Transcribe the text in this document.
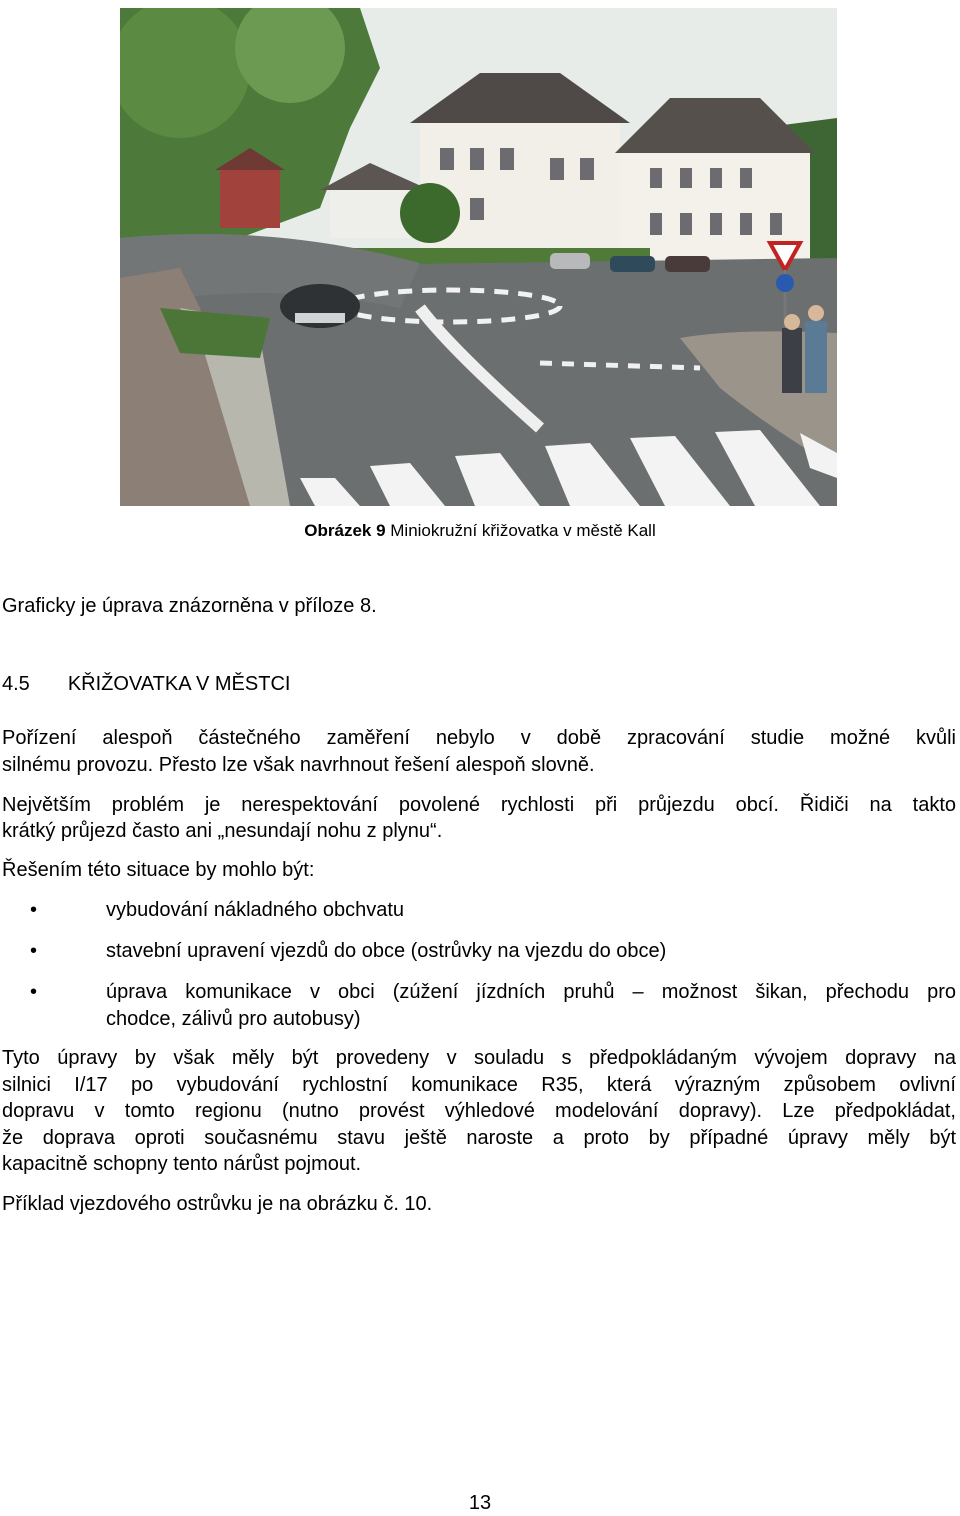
Obrázek 9 Miniokružní křižovatka v městě Kall
Graficky je úprava znázorněna v příloze 8.
4.5 KŘIŽOVATKA V MĚSTCI
Pořízení alespoň částečného zaměření nebylo v době zpracování studie možné kvůli
silnému provozu. Přesto lze však navrhnout řešení alespoň slovně.
Největším problém je nerespektování povolené rychlosti při průjezdu obcí. Řidiči na takto
krátký průjezd často ani „nesundají nohu z plynu“.
Řešením této situace by mohlo být:
•	vybudování nákladného obchvatu
•	stavební upravení vjezdů do obce (ostrůvky na vjezdu do obce)
•	úprava komunikace v obci (zúžení jízdních pruhů – možnost šikan, přechodu pro
chodce, zálivů pro autobusy)
Tyto úpravy by však měly být provedeny v souladu s předpokládaným vývojem dopravy na
silnici I/17 po vybudování rychlostní komunikace R35, která výrazným způsobem ovlivní
dopravu v tomto regionu (nutno provést výhledové modelování dopravy). Lze předpokládat,
že doprava oproti současnému stavu ještě naroste a proto by případné úpravy měly být
kapacitně schopny tento nárůst pojmout.
Příklad vjezdového ostrůvku je na obrázku č. 10.
13
